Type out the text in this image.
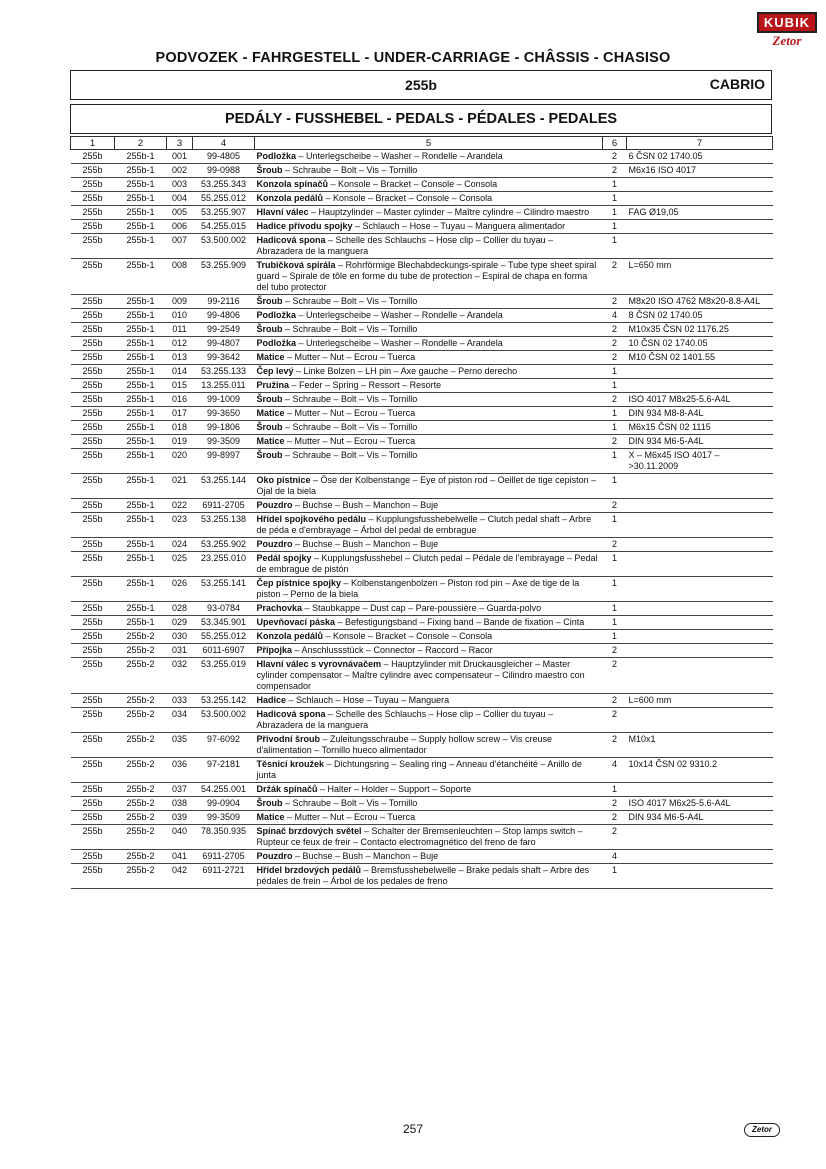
KUBIK
Zetor
PODVOZEK - FAHRGESTELL - UNDER-CARRIAGE - CHÂSSIS - CHASISO
255b	CABRIO
PEDÁLY - FUSSHEBEL - PEDALS - PÉDALES - PEDALES
1	2	3	4	5	6	7
255b	255b-1	001	99-4805	Podložka – Unterlegscheibe – Washer – Rondelle – Arandela	2	6 ČSN 02 1740.05
255b	255b-1	002	99-0988	Šroub – Schraube – Bolt – Vis – Tornillo	2	M6x16 ISO 4017
255b	255b-1	003	53.255.343	Konzola spínačů – Konsole – Bracket – Console – Consola	1	
255b	255b-1	004	55.255.012	Konzola pedálů – Konsole – Bracket – Console – Consola	1	
255b	255b-1	005	53.255.907	Hlavní válec – Hauptzylinder – Master cylinder – Maître cylindre – Cilindro maestro	1	FAG Ø19,05
255b	255b-1	006	54.255.015	Hadice přívodu spojky – Schlauch – Hose – Tuyau – Manguera alimentador	1	
255b	255b-1	007	53.500.002	Hadicová spona – Schelle des Schlauchs – Hose clip – Collier du tuyau – Abrazadera de la manguera	1	
255b	255b-1	008	53.255.909	Trubičková spirála – Rohrförmige Blechabdeckungs-spirale – Tube type sheet spiral guard – Spirale de tôle en forme du tube de protection – Espiral de chapa en forma del tubo protector	2	L=650 mm
255b	255b-1	009	99-2116	Šroub – Schraube – Bolt – Vis – Tornillo	2	M8x20 ISO 4762 M8x20-8.8-A4L
255b	255b-1	010	99-4806	Podložka – Unterlegscheibe – Washer – Rondelle – Arandela	4	8 ČSN 02 1740.05
255b	255b-1	011	99-2549	Šroub – Schraube – Bolt – Vis – Tornillo	2	M10x35 ČSN 02 1176.25
255b	255b-1	012	99-4807	Podložka – Unterlegscheibe – Washer – Rondelle – Arandela	2	10 ČSN 02 1740.05
255b	255b-1	013	99-3642	Matice – Mutter – Nut – Ecrou – Tuerca	2	M10 ČSN 02 1401.55
255b	255b-1	014	53.255.133	Čep levý – Linke Bolzen – LH pin – Axe gauche – Perno derecho	1	
255b	255b-1	015	13.255.011	Pružina – Feder – Spring – Ressort – Resorte	1	
255b	255b-1	016	99-1009	Šroub – Schraube – Bolt – Vis – Tornillo	2	ISO 4017 M8x25-5.6-A4L
255b	255b-1	017	99-3650	Matice – Mutter – Nut – Ecrou – Tuerca	1	DIN 934 M8-8-A4L
255b	255b-1	018	99-1806	Šroub – Schraube – Bolt – Vis – Tornillo	1	M6x15 ČSN 02 1115
255b	255b-1	019	99-3509	Matice – Mutter – Nut – Ecrou – Tuerca	2	DIN 934 M6-5-A4L
255b	255b-1	020	99-8997	Šroub – Schraube – Bolt – Vis – Tornillo	1	X – M6x45 ISO 4017 – >30.11.2009
255b	255b-1	021	53.255.144	Oko pístnice – Öse der Kolbenstange – Eye of piston rod – Oeillet de tige cepiston – Ojal de la biela	1	
255b	255b-1	022	6911-2705	Pouzdro – Buchse – Bush – Manchon – Buje	2	
255b	255b-1	023	53.255.138	Hřídel spojkového pedálu – Kupplungsfusshebelwelle – Clutch pedal shaft – Arbre de péda e d'embrayage – Árbol del pedal de embrague	1	
255b	255b-1	024	53.255.902	Pouzdro – Buchse – Bush – Manchon – Buje	2	
255b	255b-1	025	23.255.010	Pedál spojky – Kupplungsfusshebel – Clutch pedal – Pédale de l'embrayage – Pedal de embrague de pistón	1	
255b	255b-1	026	53.255.141	Čep pístnice spojky – Kolbenstangenbolzen – Piston rod pin – Axe de tige de la piston – Perno de la biela	1	
255b	255b-1	028	93-0784	Prachovka – Staubkappe – Dust cap – Pare-poussière – Guarda-polvo	1	
255b	255b-1	029	53.345.901	Upevňovací páska – Befestigungsband – Fixing band – Bande de fixation – Cinta	1	
255b	255b-2	030	55.255.012	Konzola pedálů – Konsole – Bracket – Console – Consola	1	
255b	255b-2	031	6011-6907	Přípojka – Anschlussstück – Connector – Raccord – Racor	2	
255b	255b-2	032	53.255.019	Hlavní válec s vyrovnávačem – Hauptzylinder mit Druckausgleicher – Master cylinder compensator – Maître cylindre avec compensateur – Cilindro maestro con compensador	2	
255b	255b-2	033	53.255.142	Hadice – Schlauch – Hose – Tuyau – Manguera	2	L=600 mm
255b	255b-2	034	53.500.002	Hadicová spona – Schelle des Schlauchs – Hose clip – Collier du tuyau – Abrazadera de la manguera	2	
255b	255b-2	035	97-6092	Přívodní šroub – Zuleitungsschraube – Supply hollow screw – Vis creuse d'alimentation – Tornillo hueco alimentador	2	M10x1
255b	255b-2	036	97-2181	Těsnicí kroužek – Dichtungsring – Sealing ring – Anneau d'étanchéité – Anillo de junta	4	10x14 ČSN 02 9310.2
255b	255b-2	037	54.255.001	Držák spínačů – Halter – Holder – Support – Soporte	1	
255b	255b-2	038	99-0904	Šroub – Schraube – Bolt – Vis – Tornillo	2	ISO 4017 M6x25-5.6-A4L
255b	255b-2	039	99-3509	Matice – Mutter – Nut – Ecrou – Tuerca	2	DIN 934 M6-5-A4L
255b	255b-2	040	78.350.935	Spínač brzdových světel – Schalter der Bremsenleuchten – Stop lamps switch – Rupteur ce feux de freir – Contacto electromagnético del freno de faro	2	
255b	255b-2	041	6911-2705	Pouzdro – Buchse – Bush – Manchon – Buje	4	
255b	255b-2	042	6911-2721	Hřídel brzdových pedálů – Bremsfusshebelwelle – Brake pedals shaft – Arbre des pédales de frein – Árbol de los pedales de freno	1	
257	Zetor
